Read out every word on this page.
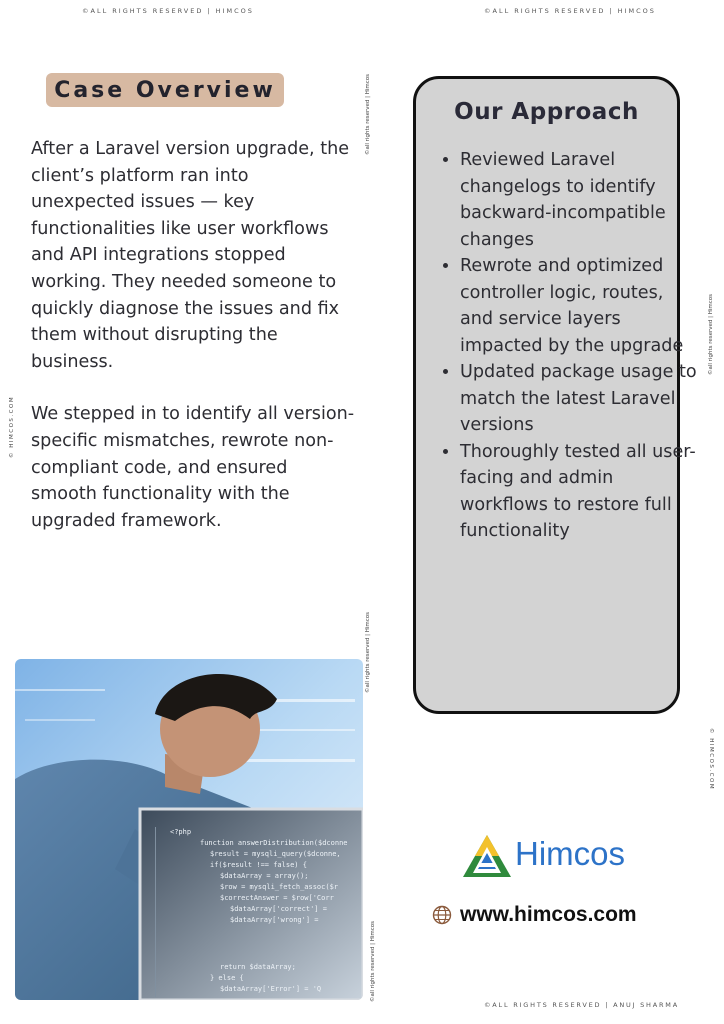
©ALL RIGHTS RESERVED | HIMCOS	©ALL RIGHTS RESERVED | HIMCOS
© HIMCOS.COM
© HIMCOS.COM
©all rights reserved | Himcos
©all rights reserved | Himcos
©all rights reserved | Himcos
©all rights reserved | Himcos
Case Overview

After a Laravel version upgrade, the client’s platform ran into unexpected issues — key functionalities like user workflows and API integrations stopped working. They needed someone to quickly diagnose the issues and fix them without disrupting the business.

We stepped in to identify all version-specific mismatches, rewrote non-compliant code, and ensured smooth functionality with the upgraded framework.

Our Approach
• Reviewed Laravel changelogs to identify backward-incompatible changes
• Rewrote and optimized controller logic, routes, and service layers impacted by the upgrade
• Updated package usage to match the latest Laravel versions
• Thoroughly tested all user-facing and admin workflows to restore full functionality
<?php
function answerDistribution($dconne
$result = mysqli_query($dconne,
if($result !== false) {
$dataArray = array();
$row = mysqli_fetch_assoc($r
$correctAnswer = $row['Corr
$dataArray['correct'] =
$dataArray['wrong'] =
return $dataArray;
} else {
$dataArray['Error'] = 'Q
Himcos
www.himcos.com
©ALL RIGHTS RESERVED | ANUJ SHARMA
